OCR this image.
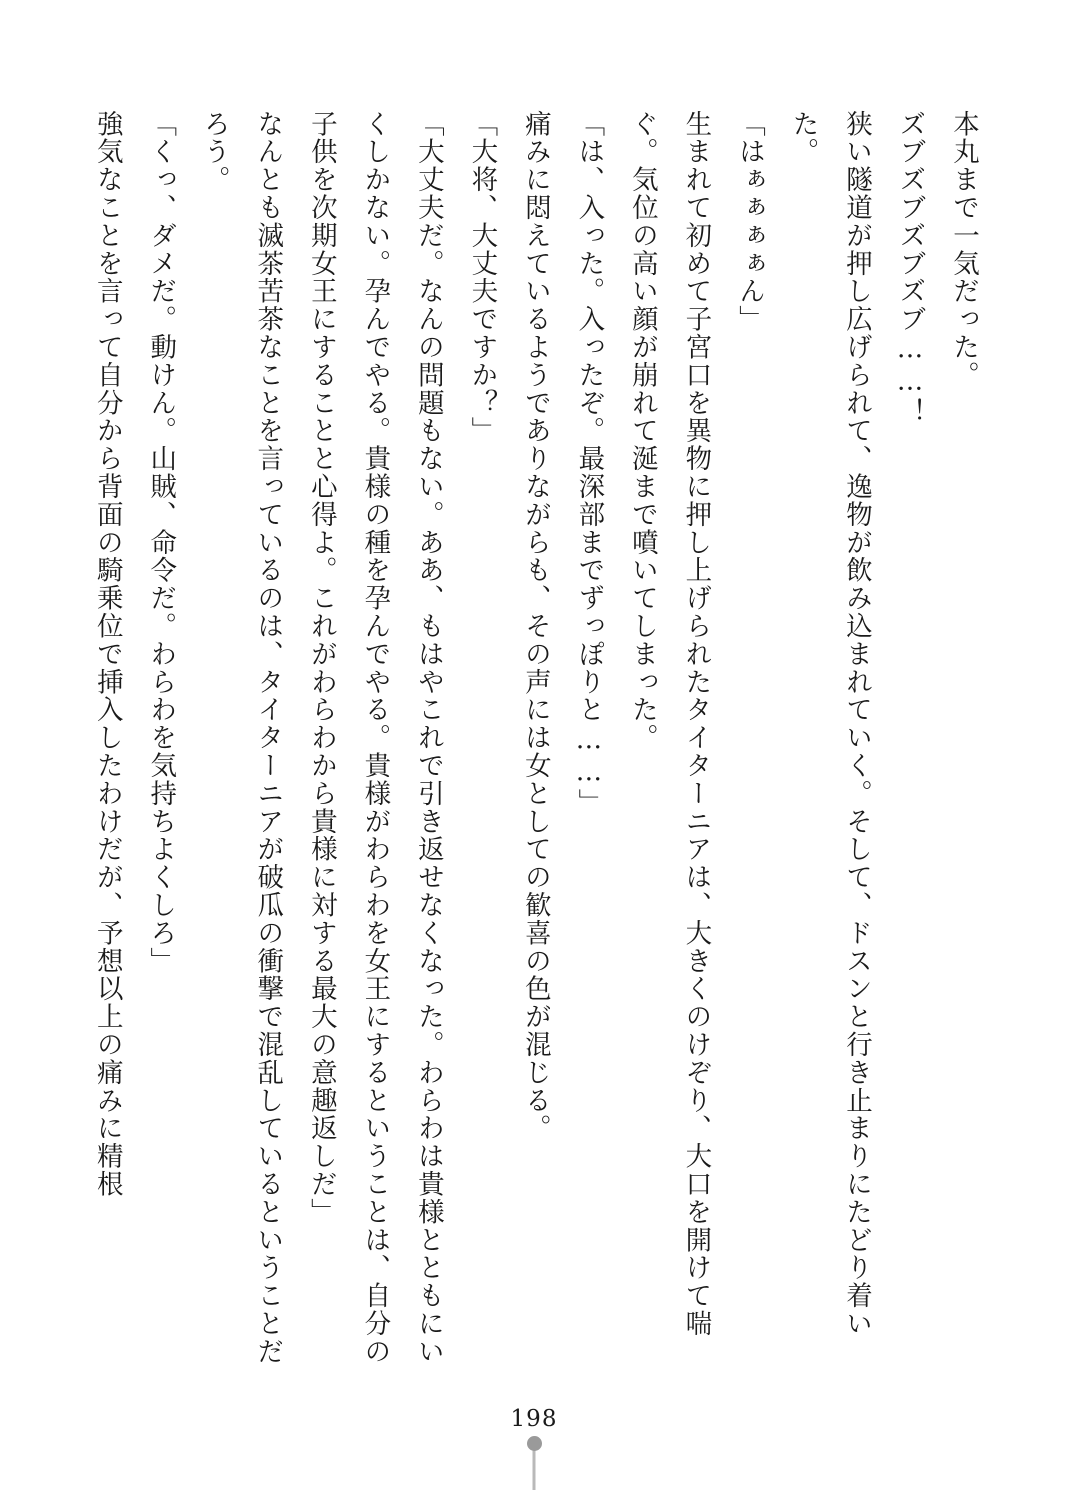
本丸まで一気だった。

ズブズブズブズブ……！

狭い隧道が押し広げられて、逸物が飲み込まれていく。そして、ドスンと行き止まりにたどり着いた。

「はぁぁぁぁん」

生まれて初めて子宮口を異物に押し上げられたタイターニアは、大きくのけぞり、大口を開けて喘ぐ。気位の高い顔が崩れて涎まで噴いてしまった。

「は、入った。入ったぞ。最深部までずっぽりと……」

痛みに悶えているようでありながらも、その声には女としての歓喜の色が混じる。

「大将、大丈夫ですか？」

「大丈夫だ。なんの問題もない。ああ、もはやこれで引き返せなくなった。わらわは貴様とともにいくしかない。孕んでやる。貴様の種を孕んでやる。貴様がわらわを女王にするということは、自分の子供を次期女王にすることと心得よ。これがわらわから貴様に対する最大の意趣返しだ」

なんとも滅茶苦茶なことを言っているのは、タイターニアが破瓜の衝撃で混乱しているということだろう。

「くっ、ダメだ。動けん。山賊、命令だ。わらわを気持ちよくしろ」

強気なことを言って自分から背面の騎乗位で挿入したわけだが、予想以上の痛みに精根

198
